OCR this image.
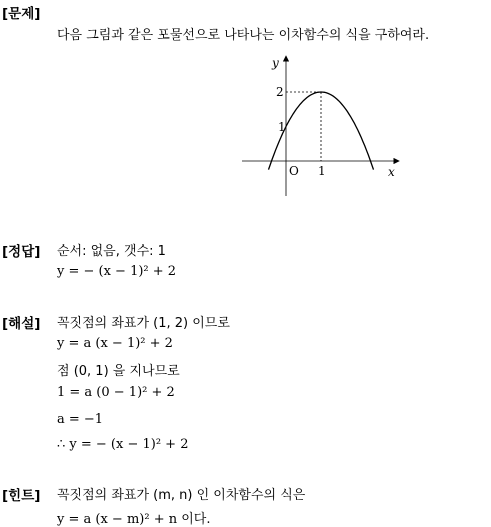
[문제]
다음 그림과 같은 포물선으로 나타나는 이차함수의 식을 구하여라.
y
x
O
2
1
1
[정답] 순서: 없음, 갯수: 1
y = − (x − 1)² + 2
[해설] 꼭짓점의 좌표가 (1, 2) 이므로
y = a (x − 1)² + 2
점 (0, 1) 을 지나므로
1 = a (0 − 1)² + 2
a = −1
∴ y = − (x − 1)² + 2
[힌트] 꼭짓점의 좌표가 (m, n) 인 이차함수의 식은
y = a (x − m)² + n 이다.
